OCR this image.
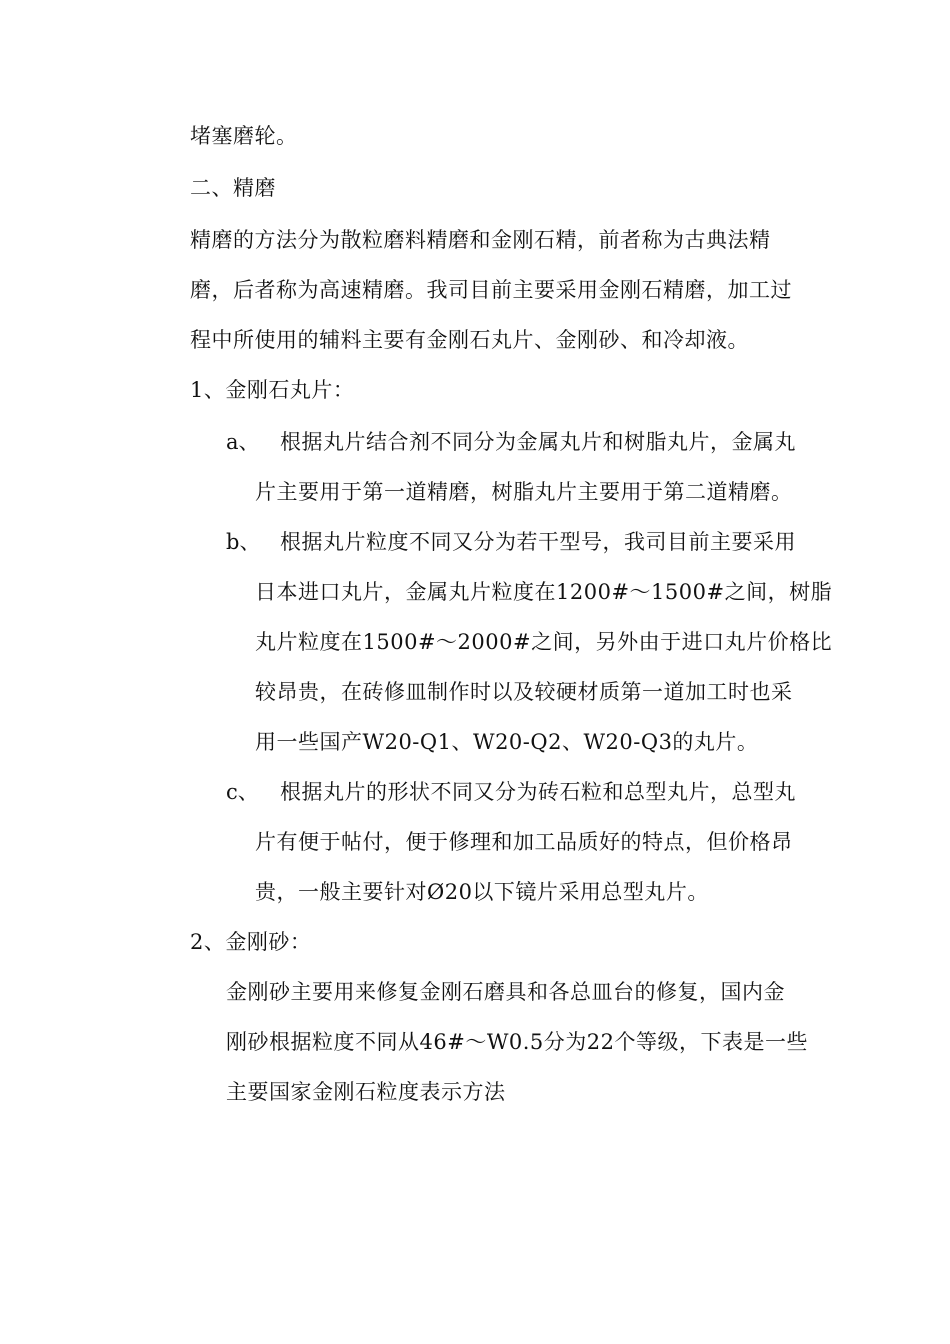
堵塞磨轮。
二、精磨
精磨的方法分为散粒磨料精磨和金刚石精，前者称为古典法精
磨，后者称为高速精磨。我司目前主要采用金刚石精磨，加工过
程中所使用的辅料主要有金刚石丸片、金刚砂、和冷却液。
1、金刚石丸片：
a、 根据丸片结合剂不同分为金属丸片和树脂丸片，金属丸
片主要用于第一道精磨，树脂丸片主要用于第二道精磨。
b、 根据丸片粒度不同又分为若干型号，我司目前主要采用
日本进口丸片，金属丸片粒度在1200#～1500#之间，树脂
丸片粒度在1500#～2000#之间，另外由于进口丸片价格比
较昂贵，在砖修皿制作时以及较硬材质第一道加工时也采
用一些国产W20-Q1、W20-Q2、W20-Q3的丸片。
c、 根据丸片的形状不同又分为砖石粒和总型丸片，总型丸
片有便于帖付，便于修理和加工品质好的特点，但价格昂
贵，一般主要针对Ø20以下镜片采用总型丸片。
2、金刚砂：
金刚砂主要用来修复金刚石磨具和各总皿台的修复，国内金
刚砂根据粒度不同从46#～W0.5分为22个等级，下表是一些
主要国家金刚石粒度表示方法
